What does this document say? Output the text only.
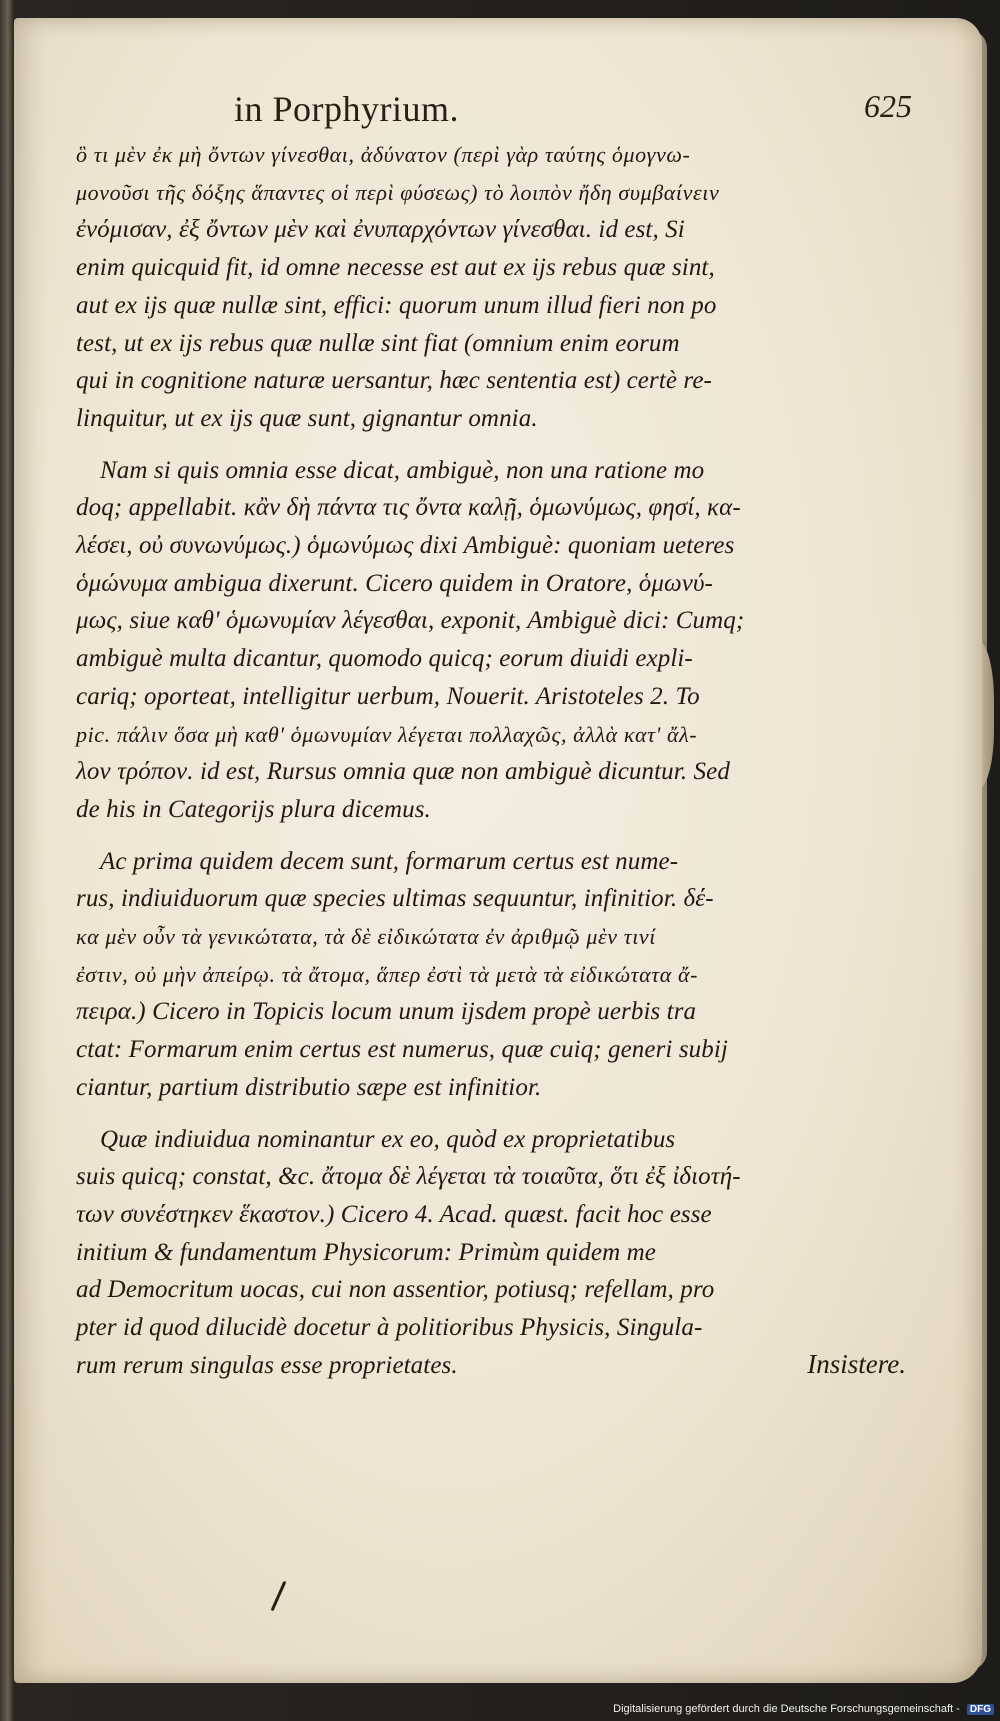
in Porphyrium.	625
ὃ τι μὲν ἐκ μὴ ὄντων γίνεσθαι, ἀδύνατον (περὶ γὰρ ταύτης ὁμογνω-
μονοῦσι τῆς δόξης ἅπαντες οἱ περὶ φύσεως) τὸ λοιπὸν ἤδη συμβαίνειν
ἐνόμισαν, ἐξ ὄντων μὲν καὶ ἐνυπαρχόντων γίνεσθαι. id est, Si
enim quicquid fit, id omne necesse est aut ex ijs rebus quæ sint,
aut ex ijs quæ nullæ sint, effici: quorum unum illud fieri non po
test, ut ex ijs rebus quæ nullæ sint fiat (omnium enim eorum
qui in cognitione naturæ uersantur, hæc sententia est) certè re-
linquitur, ut ex ijs quæ sunt, gignantur omnia.
Nam si quis omnia esse dicat, ambiguè, non una ratione mo
doq; appellabit. κἂν δὴ πάντα τις ὄντα καλῇ, ὁμωνύμως, φησί, κα-
λέσει, οὐ συνωνύμως.) ὁμωνύμως dixi Ambiguè: quoniam ueteres
ὁμώνυμα ambigua dixerunt. Cicero quidem in Oratore, ὁμωνύ-
μως, siue καθ' ὁμωνυμίαν λέγεσθαι, exponit, Ambiguè dici: Cumq;
ambiguè multa dicantur, quomodo quicq; eorum diuidi expli-
cariq; oporteat, intelligitur uerbum, Nouerit. Aristoteles 2. To
pic. πάλιν ὅσα μὴ καθ' ὁμωνυμίαν λέγεται πολλαχῶς, ἀλλὰ κατ' ἄλ-
λον τρόπον. id est, Rursus omnia quæ non ambiguè dicuntur. Sed
de his in Categorijs plura dicemus.
Ac prima quidem decem sunt, formarum certus est nume-
rus, indiuiduorum quæ species ultimas sequuntur, infinitior. δέ-
κα μὲν οὖν τὰ γενικώτατα, τὰ δὲ εἰδικώτατα ἐν ἀριθμῷ μὲν τινί
ἐστιν, οὐ μὴν ἀπείρῳ. τὰ ἄτομα, ἅπερ ἐστὶ τὰ μετὰ τὰ εἰδικώτατα ἄ-
πειρα.) Cicero in Topicis locum unum ijsdem propè uerbis tra
ctat: Formarum enim certus est numerus, quæ cuiq; generi subij
ciantur, partium distributio sæpe est infinitior.
Quæ indiuidua nominantur ex eo, quòd ex proprietatibus
suis quicq; constat, &c. ἄτομα δὲ λέγεται τὰ τοιαῦτα, ὅτι ἐξ ἰδιοτή-
των συνέστηκεν ἕκαστον.) Cicero 4. Acad. quæst. facit hoc esse
initium & fundamentum Physicorum: Primùm quidem me
ad Democritum uocas, cui non assentior, potiusq; refellam, pro
pter id quod dilucidè docetur à politioribus Physicis, Singula-
rum rerum singulas esse proprietates.	Insistere.
Digitalisierung gefördert durch die Deutsche Forschungsgemeinschaft - DFG
